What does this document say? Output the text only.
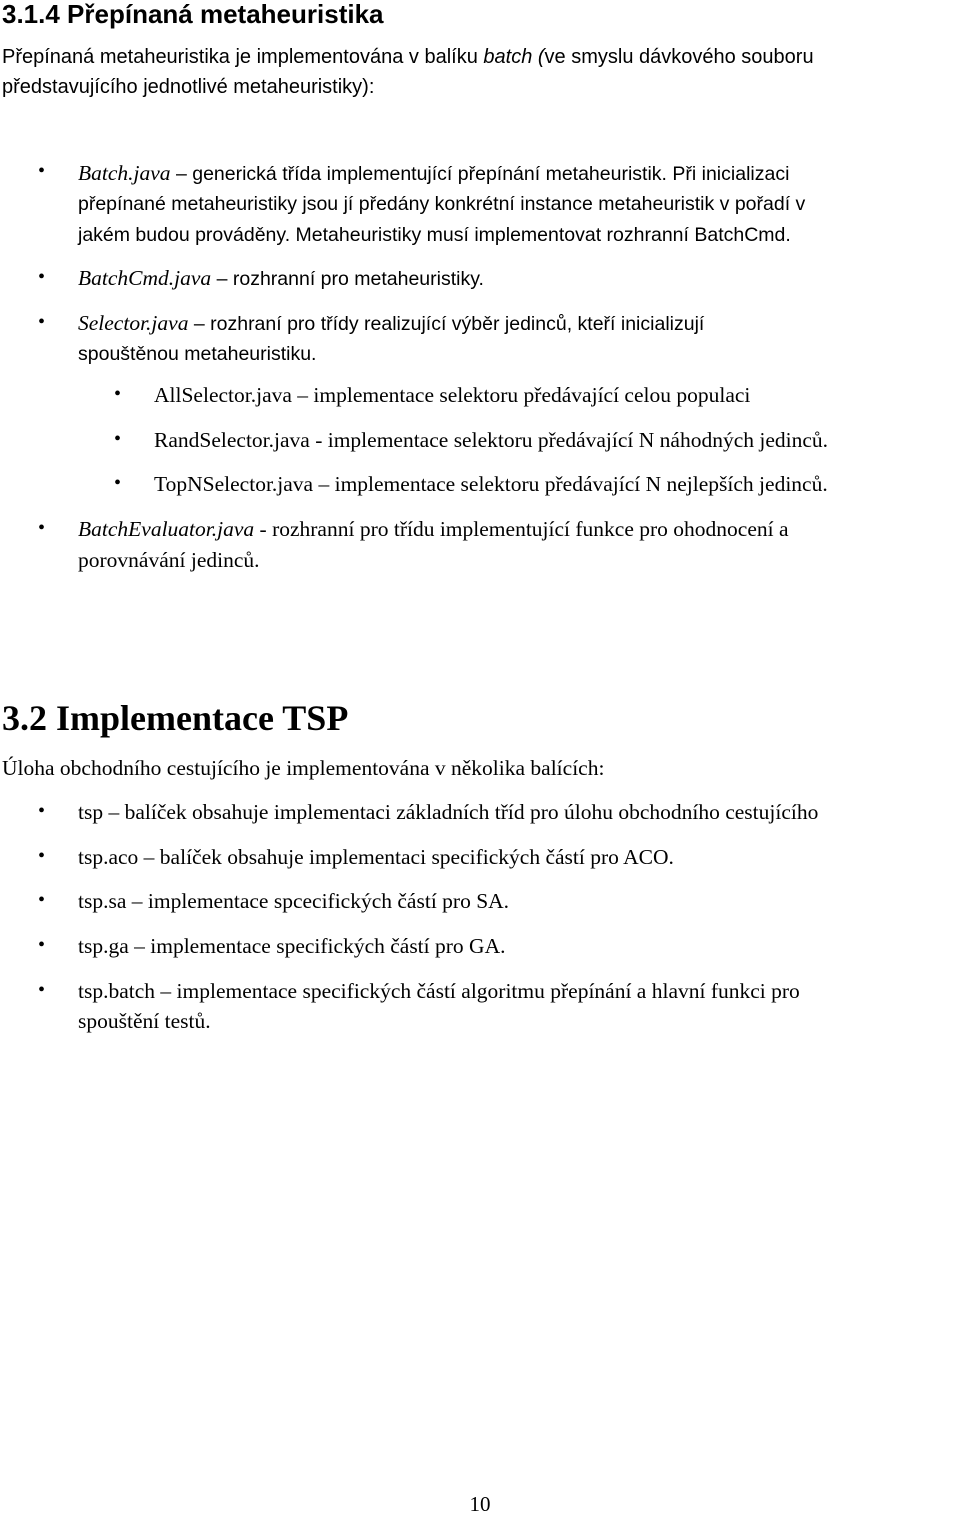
3.1.4 Přepínaná metaheuristika
Přepínaná metaheuristika je implementována v balíku batch (ve smyslu dávkového souboru představujícího jednotlivé metaheuristiky):
• Batch.java – generická třída implementující přepínání metaheuristik. Při inicializaci
přepínané metaheuristiky jsou jí předány konkrétní instance metaheuristik v pořadí v
jakém budou prováděny. Metaheuristiky musí implementovat rozhranní BatchCmd.
• BatchCmd.java – rozhranní pro metaheuristiky.
• Selector.java – rozhraní pro třídy realizující výběr jedinců, kteří inicializují
spouštěnou metaheuristiku.
• AllSelector.java – implementace selektoru předávající celou populaci
• RandSelector.java - implementace selektoru předávající N náhodných jedinců.
• TopNSelector.java – implementace selektoru předávající N nejlepších jedinců.
• BatchEvaluator.java - rozhranní pro třídu implementující funkce pro ohodnocení a
porovnávání jedinců.
3.2 Implementace TSP
Úloha obchodního cestujícího je implementována v několika balících:
• tsp – balíček obsahuje implementaci základních tříd pro úlohu obchodního cestujícího
• tsp.aco – balíček obsahuje implementaci specifických částí pro ACO.
• tsp.sa – implementace spcecifických částí pro SA.
• tsp.ga – implementace specifických částí pro GA.
• tsp.batch – implementace specifických částí algoritmu přepínání a hlavní funkci pro
spouštění testů.
10
